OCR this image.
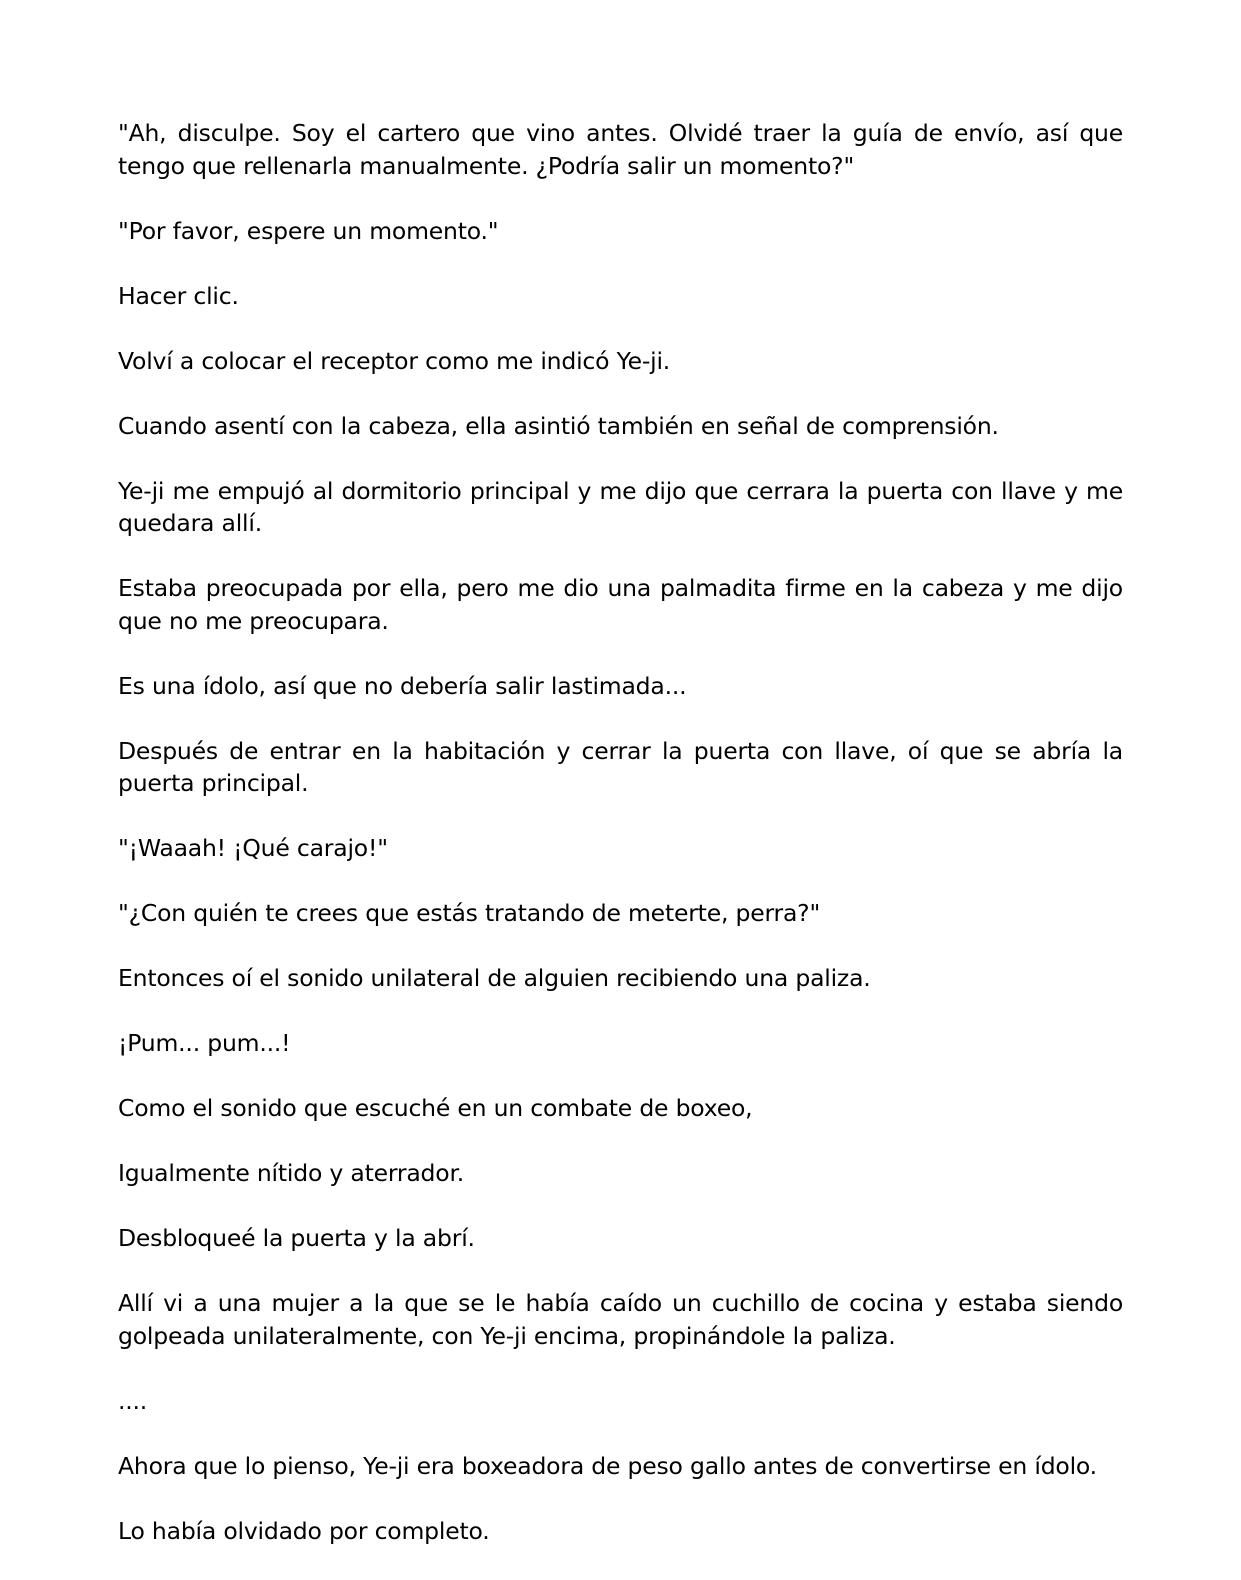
"Ah, disculpe. Soy el cartero que vino antes. Olvidé traer la guía de envío, así que tengo que rellenarla manualmente. ¿Podría salir un momento?"

"Por favor, espere un momento."

Hacer clic.

Volví a colocar el receptor como me indicó Ye-ji.

Cuando asentí con la cabeza, ella asintió también en señal de comprensión.

Ye-ji me empujó al dormitorio principal y me dijo que cerrara la puerta con llave y me quedara allí.

Estaba preocupada por ella, pero me dio una palmadita firme en la cabeza y me dijo que no me preocupara.

Es una ídolo, así que no debería salir lastimada...

Después de entrar en la habitación y cerrar la puerta con llave, oí que se abría la puerta principal.

"¡Waaah! ¡Qué carajo!"

"¿Con quién te crees que estás tratando de meterte, perra?"

Entonces oí el sonido unilateral de alguien recibiendo una paliza.

¡Pum... pum...!

Como el sonido que escuché en un combate de boxeo,

Igualmente nítido y aterrador.

Desbloqueé la puerta y la abrí.

Allí vi a una mujer a la que se le había caído un cuchillo de cocina y estaba siendo golpeada unilateralmente, con Ye-ji encima, propinándole la paliza.

....

Ahora que lo pienso, Ye-ji era boxeadora de peso gallo antes de convertirse en ídolo.

Lo había olvidado por completo.
